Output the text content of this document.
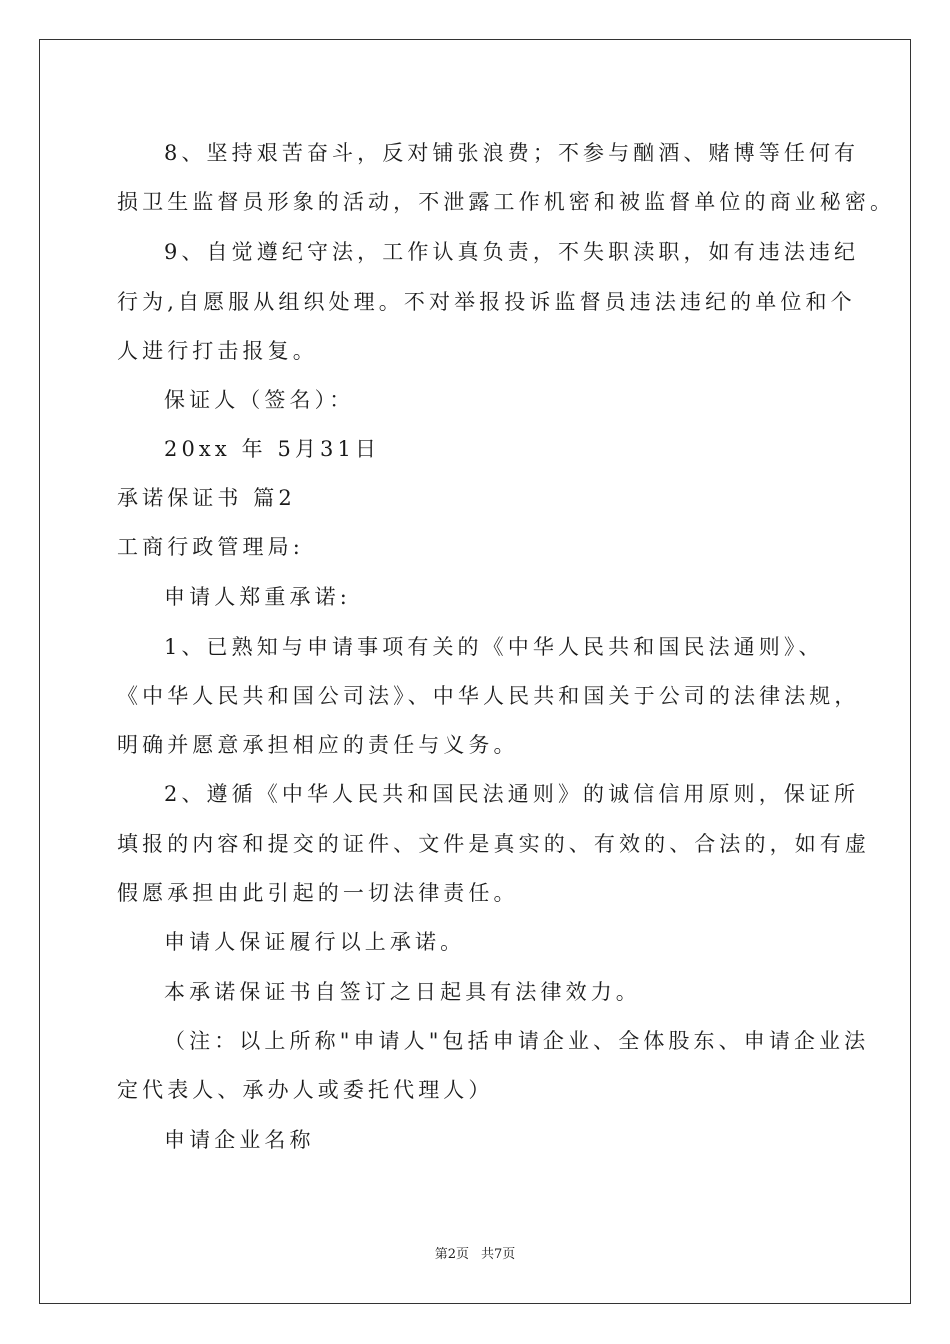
8、坚持艰苦奋斗，反对铺张浪费；不参与酗酒、赌博等任何有
损卫生监督员形象的活动，不泄露工作机密和被监督单位的商业秘密。
9、自觉遵纪守法，工作认真负责，不失职渎职，如有违法违纪
行为,自愿服从组织处理。不对举报投诉监督员违法违纪的单位和个
人进行打击报复。
保证人（签名）：
20xx 年 5月31日
承诺保证书 篇2
工商行政管理局:
申请人郑重承诺:
1、已熟知与申请事项有关的《中华人民共和国民法通则》、
《中华人民共和国公司法》、中华人民共和国关于公司的法律法规，
明确并愿意承担相应的责任与义务。
2、遵循《中华人民共和国民法通则》的诚信信用原则，保证所
填报的内容和提交的证件、文件是真实的、有效的、合法的，如有虚
假愿承担由此引起的一切法律责任。
申请人保证履行以上承诺。
本承诺保证书自签订之日起具有法律效力。
（注：以上所称"申请人"包括申请企业、全体股东、申请企业法
定代表人、承办人或委托代理人）
申请企业名称
第2页 共7页
